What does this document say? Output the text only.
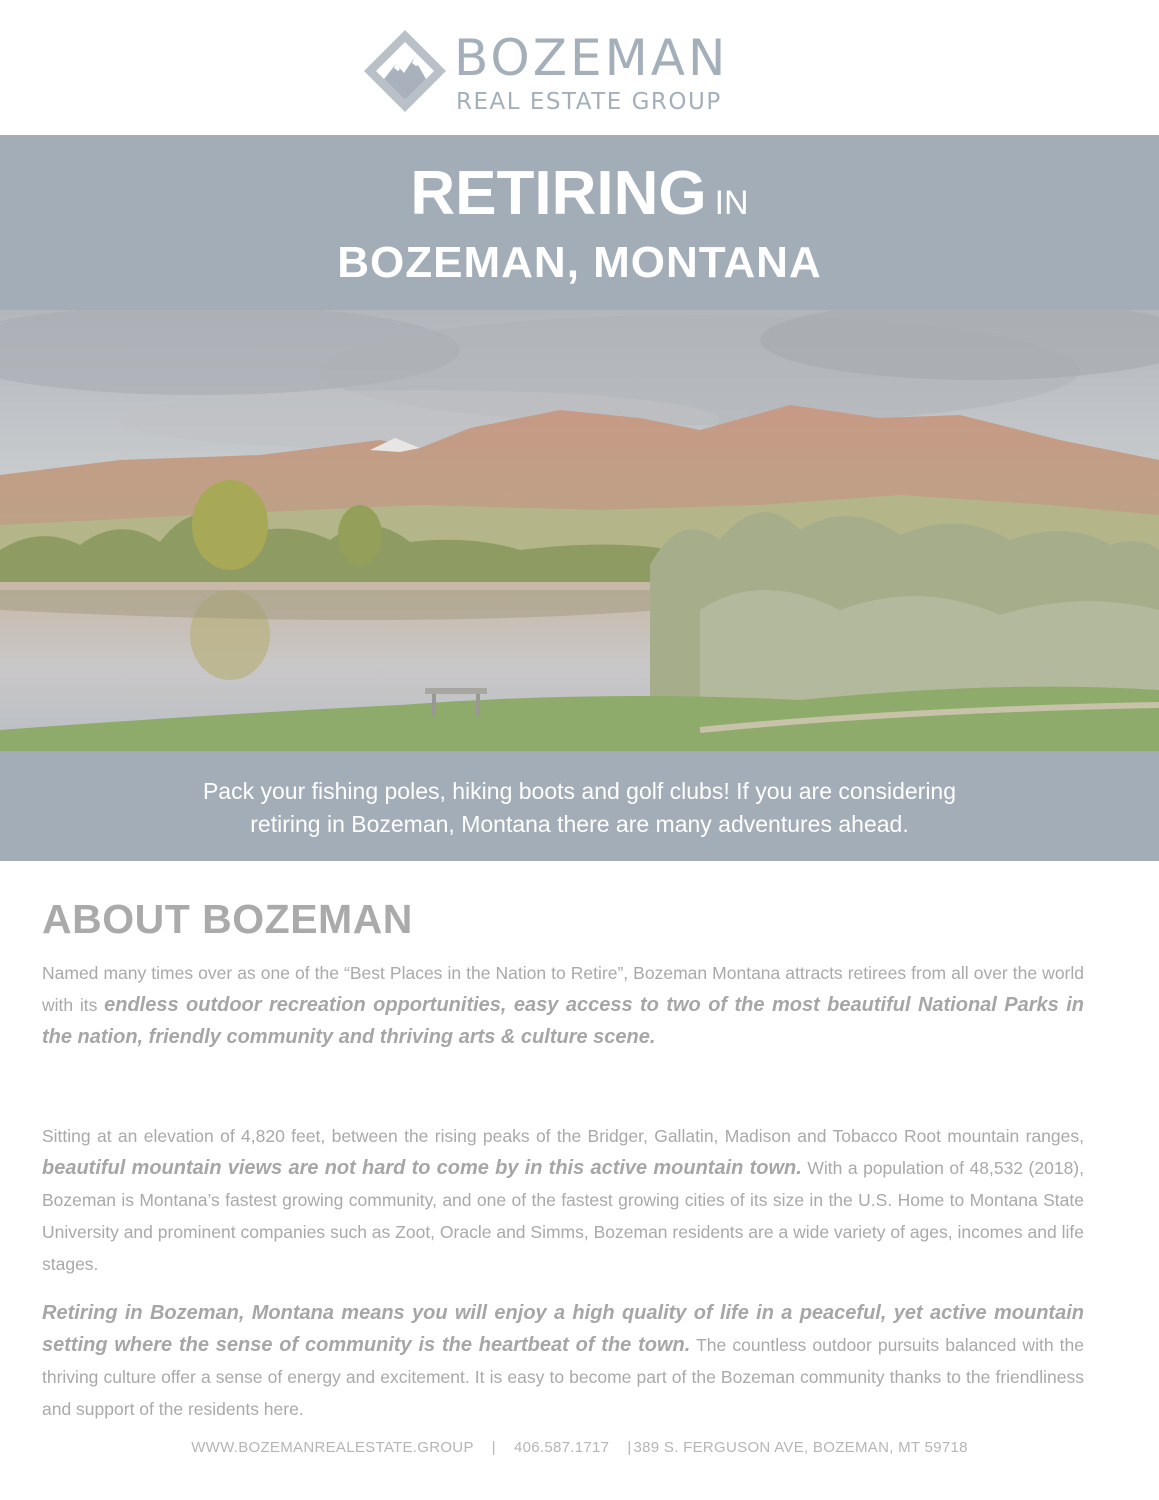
BOZEMAN
REAL ESTATE GROUP
RETIRING IN
BOZEMAN, MONTANA
Pack your fishing poles, hiking boots and golf clubs! If you are considering
retiring in Bozeman, Montana there are many adventures ahead.
ABOUT BOZEMAN

Named many times over as one of the “Best Places in the Nation to Retire”, Bozeman Montana attracts retirees from all over the world with its endless outdoor recreation opportunities, easy access to two of the most beautiful National Parks in the nation, friendly community and thriving arts & culture scene.

Sitting at an elevation of 4,820 feet, between the rising peaks of the Bridger, Gallatin, Madison and Tobacco Root mountain ranges, beautiful mountain views are not hard to come by in this active mountain town. With a population of 48,532 (2018), Bozeman is Montana’s fastest growing community, and one of the fastest growing cities of its size in the U.S. Home to Montana State University and prominent companies such as Zoot, Oracle and Simms, Bozeman residents are a wide variety of ages, incomes and life stages.

Retiring in Bozeman, Montana means you will enjoy a high quality of life in a peaceful, yet active mountain setting where the sense of community is the heartbeat of the town. The countless outdoor pursuits balanced with the thriving culture offer a sense of energy and excitement. It is easy to become part of the Bozeman community thanks to the friendliness and support of the residents here.

WWW.BOZEMANREALESTATE.GROUP | 406.587.1717 | 389 S. FERGUSON AVE, BOZEMAN, MT 59718
